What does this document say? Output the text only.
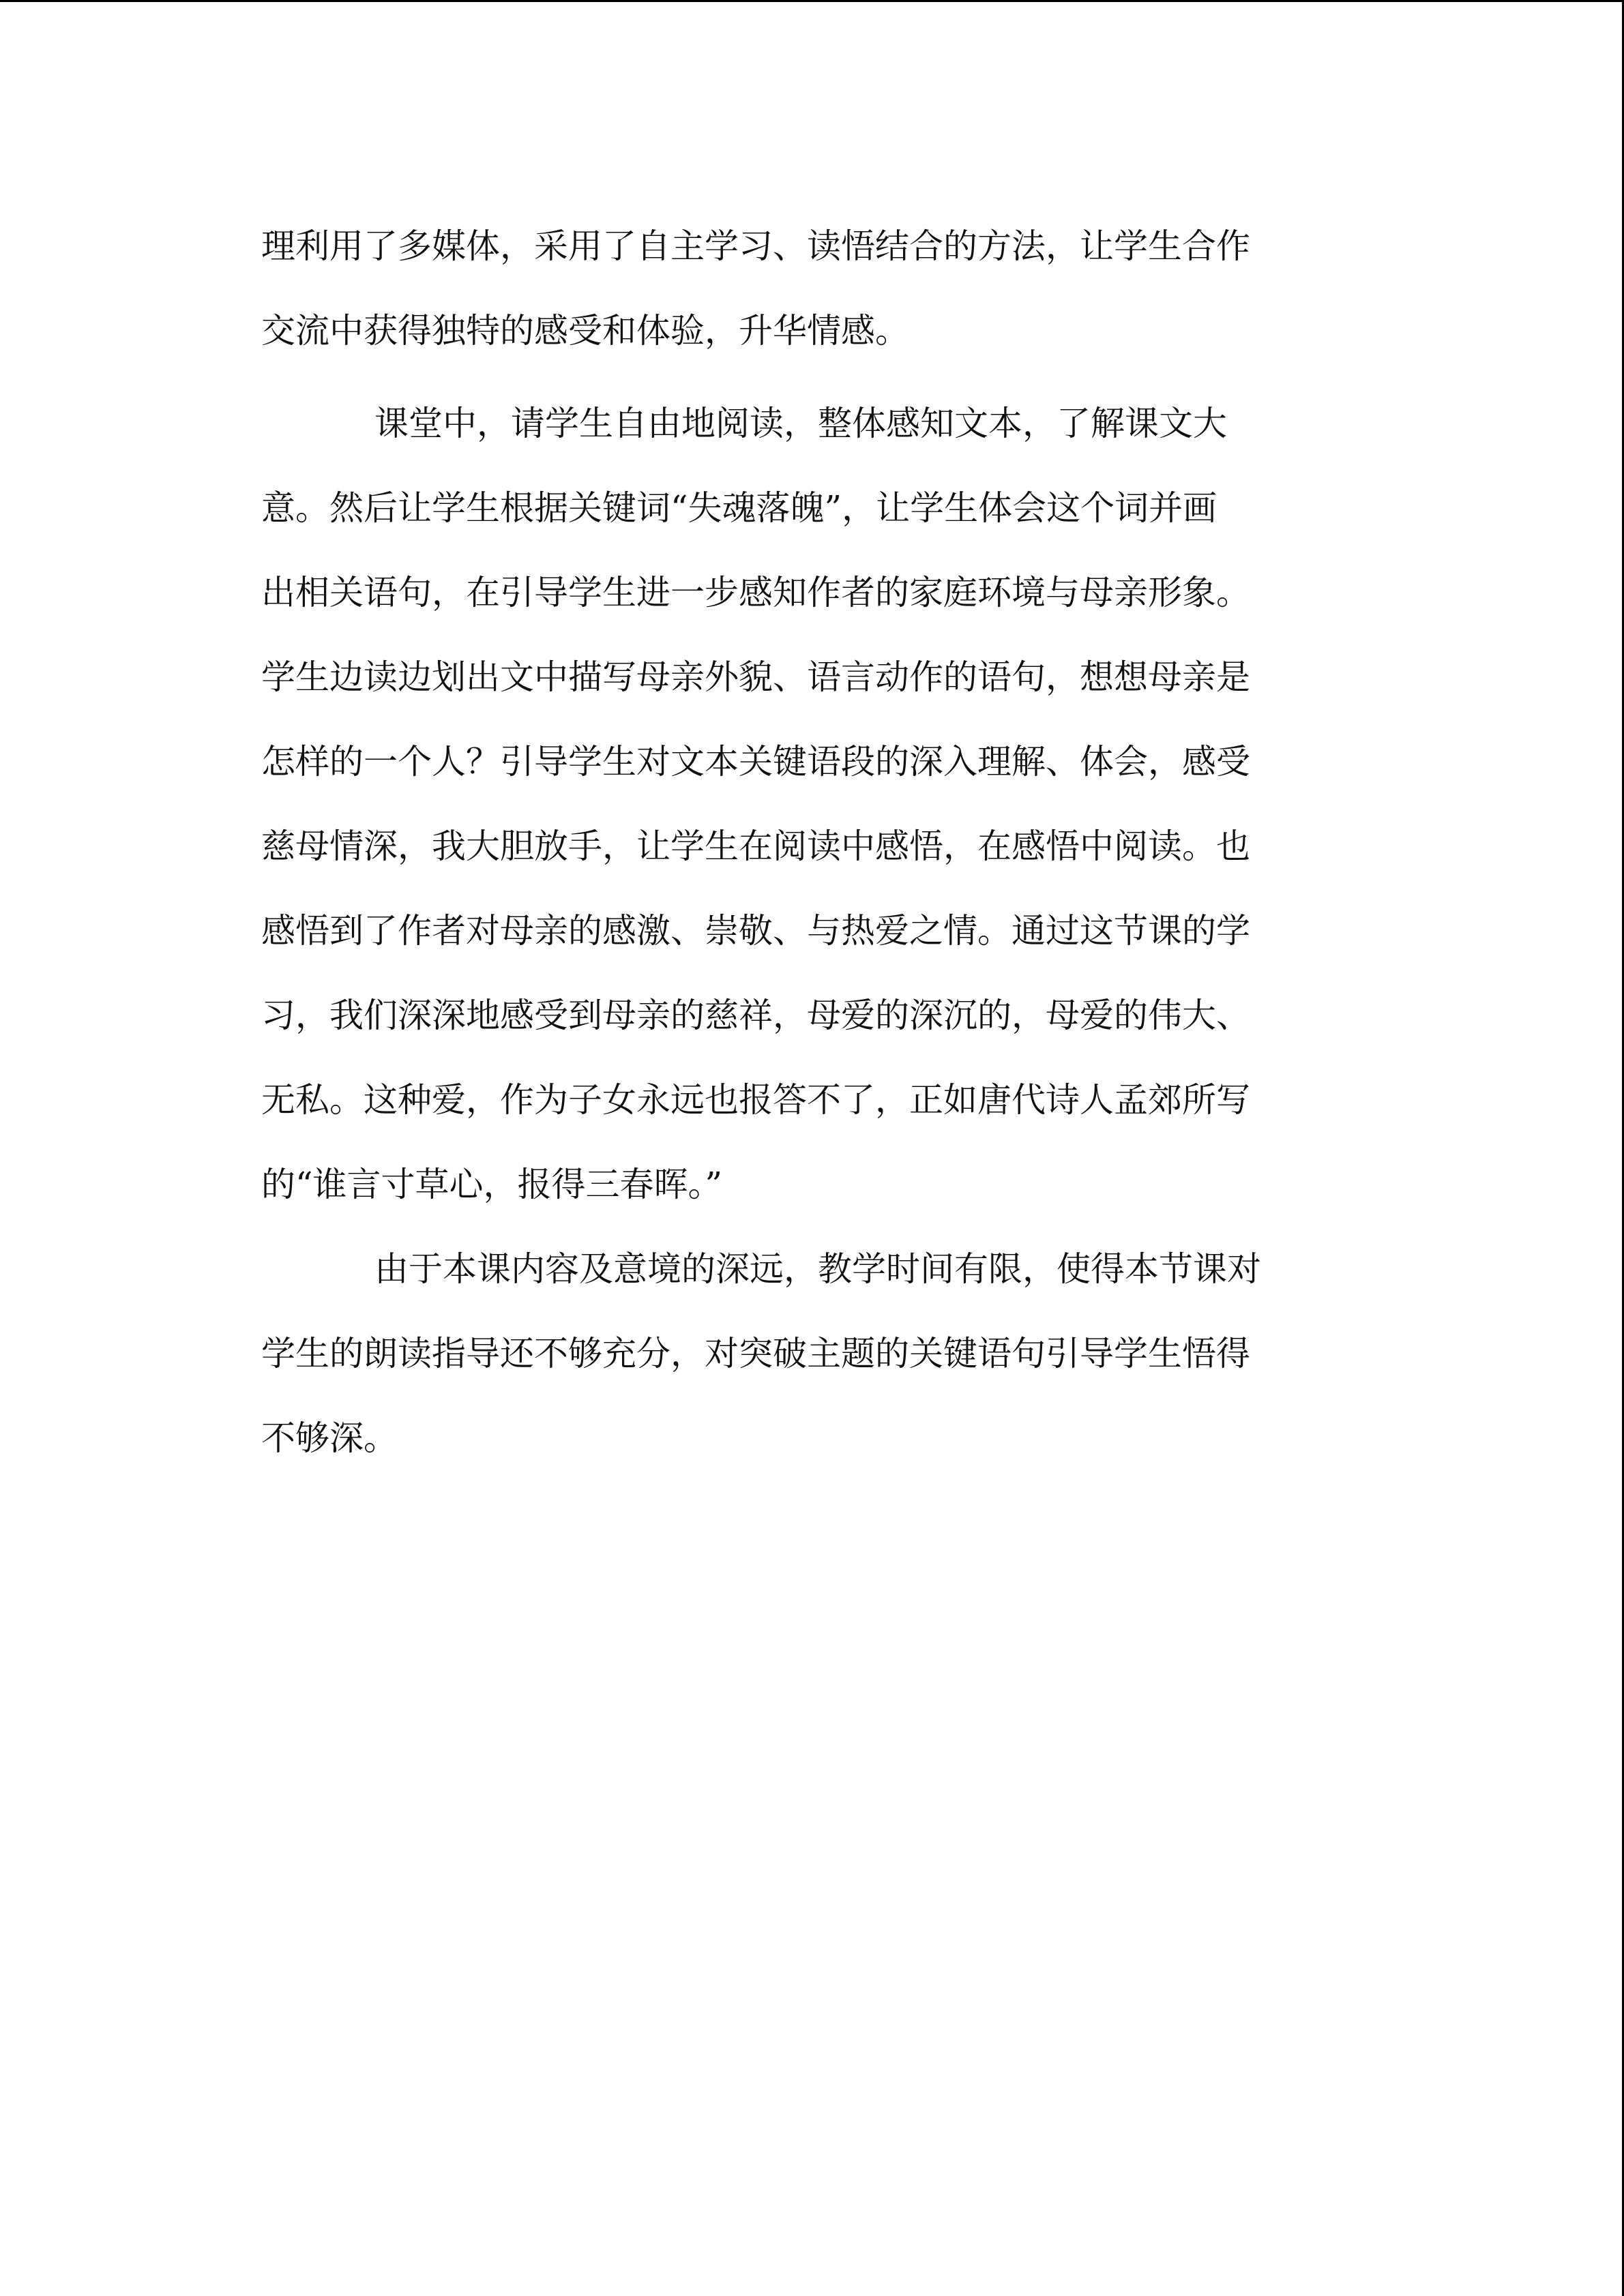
理利用了多媒体，采用了自主学习、读悟结合的方法，让学生合作
交流中获得独特的感受和体验，升华情感。
课堂中，请学生自由地阅读，整体感知文本，了解课文大
意。然后让学生根据关键词“失魂落魄”，让学生体会这个词并画
出相关语句，在引导学生进一步感知作者的家庭环境与母亲形象。
学生边读边划出文中描写母亲外貌、语言动作的语句，想想母亲是
怎样的一个人？引导学生对文本关键语段的深入理解、体会，感受
慈母情深，我大胆放手，让学生在阅读中感悟，在感悟中阅读。也
感悟到了作者对母亲的感激、崇敬、与热爱之情。通过这节课的学
习，我们深深地感受到母亲的慈祥，母爱的深沉的，母爱的伟大、
无私。这种爱，作为子女永远也报答不了，正如唐代诗人孟郊所写
的“谁言寸草心，报得三春晖。”
由于本课内容及意境的深远，教学时间有限，使得本节课对
学生的朗读指导还不够充分，对突破主题的关键语句引导学生悟得
不够深。
